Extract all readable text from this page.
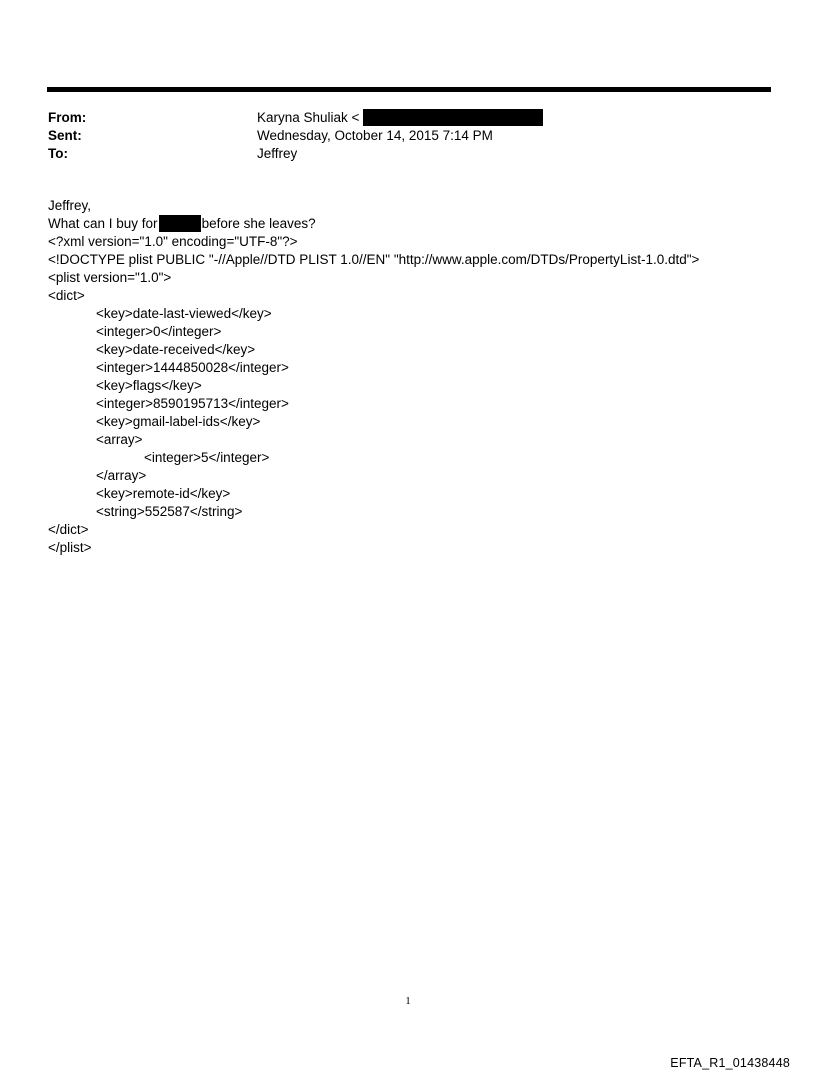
From:	Karyna Shuliak <
Sent:	Wednesday, October 14, 2015 7:14 PM
To:	Jeffrey
Jeffrey,
What can I buy for	before she leaves?
<?xml version="1.0" encoding="UTF-8"?>
<!DOCTYPE plist PUBLIC "-//Apple//DTD PLIST 1.0//EN" "http://www.apple.com/DTDs/PropertyList-1.0.dtd">
<plist version="1.0">
<dict>
<key>date-last-viewed</key>
<integer>0</integer>
<key>date-received</key>
<integer>1444850028</integer>
<key>flags</key>
<integer>8590195713</integer>
<key>gmail-label-ids</key>
<array>
<integer>5</integer>
</array>
<key>remote-id</key>
<string>552587</string>
</dict>
</plist>
1
EFTA_R1_01438448
